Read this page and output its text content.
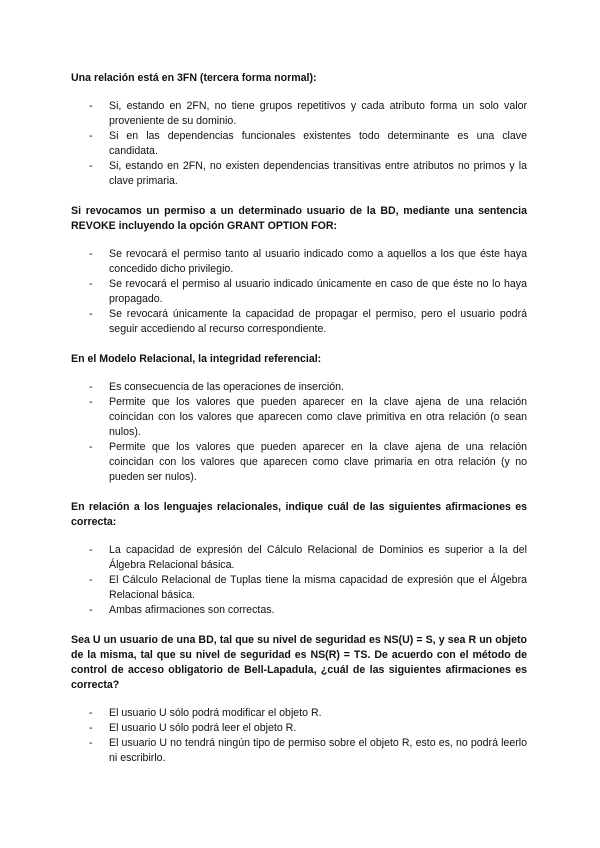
Una relación está en 3FN (tercera forma normal):

- Si, estando en 2FN, no tiene grupos repetitivos y cada atributo forma un solo valor proveniente de su dominio.
- Si en las dependencias funcionales existentes todo determinante es una clave candidata.
- Si, estando en 2FN, no existen dependencias transitivas entre atributos no primos y la clave primaria.

Si revocamos un permiso a un determinado usuario de la BD, mediante una sentencia REVOKE incluyendo la opción GRANT OPTION FOR:

- Se revocará el permiso tanto al usuario indicado como a aquellos a los que éste haya concedido dicho privilegio.
- Se revocará el permiso al usuario indicado únicamente en caso de que éste no lo haya propagado.
- Se revocará únicamente la capacidad de propagar el permiso, pero el usuario podrá seguir accediendo al recurso correspondiente.

En el Modelo Relacional, la integridad referencial:

- Es consecuencia de las operaciones de inserción.
- Permite que los valores que pueden aparecer en la clave ajena de una relación coincidan con los valores que aparecen como clave primitiva en otra relación (o sean nulos).
- Permite que los valores que pueden aparecer en la clave ajena de una relación coincidan con los valores que aparecen como clave primaria en otra relación (y no pueden ser nulos).

En relación a los lenguajes relacionales, indique cuál de las siguientes afirmaciones es correcta:

- La capacidad de expresión del Cálculo Relacional de Dominios es superior a la del Álgebra Relacional básica.
- El Cálculo Relacional de Tuplas tiene la misma capacidad de expresión que el Álgebra Relacional básica.
- Ambas afirmaciones son correctas.

Sea U un usuario de una BD, tal que su nivel de seguridad es NS(U) = S, y sea R un objeto de la misma, tal que su nivel de seguridad es NS(R) = TS. De acuerdo con el método de control de acceso obligatorio de Bell-Lapadula, ¿cuál de las siguientes afirmaciones es correcta?

- El usuario U sólo podrá modificar el objeto R.
- El usuario U sólo podrá leer el objeto R.
- El usuario U no tendrá ningún tipo de permiso sobre el objeto R, esto es, no podrá leerlo ni escribirlo.
